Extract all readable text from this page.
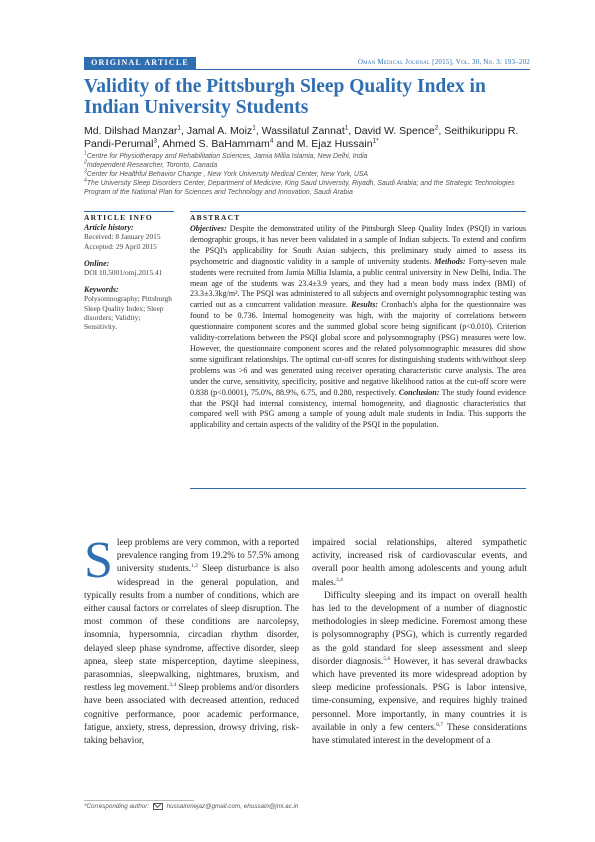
ORIGINAL ARTICLE	Oman Medical Journal [2015], Vol. 30, No. 3: 193–202
Validity of the Pittsburgh Sleep Quality Index in Indian University Students
Md. Dilshad Manzar$^1$, Jamal A. Moiz$^1$, Wassilatul Zannat$^1$, David W. Spence$^2$, Seithikurippu R. Pandi-Perumal$^3$, Ahmed S. BaHammam$^4$ and M. Ejaz Hussain$^{1*}$
$^1$Centre for Physiotherapy and Rehabilitation Sciences, Jamia Millia Islamia, New Delhi, India
$^2$Independent Researcher, Toronto, Canada
$^3$Center for Healthful Behavior Change , New York University Medical Center, New York, USA
$^4$The University Sleep Disorders Center, Department of Medicine, King Saud University, Riyadh, Saudi Arabia; and the Strategic Technologies Program of the National Plan for Sciences and Technology and Innovation, Saudi Arabia
ARTICLE INFO
Article history:
Received: 8 January 2015
Accepted: 29 April 2015
Online:
DOI 10.5001/omj.2015.41
Keywords:
Polysomnography; Pittsburgh Sleep Quality Index; Sleep disorders; Validity; Sensitivity.
ABSTRACT
Objectives: Despite the demonstrated utility of the Pittsburgh Sleep Quality Index (PSQI) in various demographic groups, it has never been validated in a sample of Indian subjects. To extend and confirm the PSQI's applicability for South Asian subjects, this preliminary study aimed to assess its psychometric and diagnostic validity in a sample of university students. Methods: Forty-seven male students were recruited from Jamia Millia Islamia, a public central university in New Delhi, India. The mean age of the students was 23.4±3.9 years, and they had a mean body mass index (BMI) of 23.3±3.3kg/m². The PSQI was administered to all subjects and overnight polysomnographic testing was carried out as a concurrent validation measure. Results: Cronbach's alpha for the questionnaire was found to be 0.736. Internal homogeneity was high, with the majority of correlations between questionnaire component scores and the summed global score being significant (p<0.010). Criterion validity-correlations between the PSQI global score and polysomnography (PSG) measures were low. However, the questionnaire component scores and the related polysomnographic measures did show some significant relationships. The optimal cut-off scores for distinguishing students with/without sleep problems was >6 and was generated using receiver operating characteristic curve analysis. The area under the curve, sensitivity, specificity, positive and negative likelihood ratios at the cut-off score were 0.838 (p<0.0001), 75.0%, 88.9%, 6.75, and 0.280, respectively. Conclusion: The study found evidence that the PSQI had internal consistency, internal homogeneity, and diagnostic characteristics that compared well with PSG among a sample of young adult male students in India. This supports the applicability and certain aspects of the validity of the PSQI in the population.

Sleep problems are very common, with a reported prevalence ranging from 19.2% to 57.5% among university students.$^{1,2}$ Sleep disturbance is also widespread in the general population, and typically results from a number of conditions, which are either causal factors or correlates of sleep disruption. The most common of these conditions are narcolepsy, insomnia, hypersomnia, circadian rhythm disorder, delayed sleep phase syndrome, affective disorder, sleep apnea, sleep state misperception, daytime sleepiness, parasomnias, sleepwalking, nightmares, bruxism, and restless leg movement.$^{3,4}$ Sleep problems and/or disorders have been associated with decreased attention, reduced cognitive performance, poor academic performance, fatigue, anxiety, stress, depression, drowsy driving, risk-taking behavior,

impaired social relationships, altered sympathetic activity, increased risk of cardiovascular events, and overall poor health among adolescents and young adult males.$^{3,4}$

Difficulty sleeping and its impact on overall health has led to the development of a number of diagnostic methodologies in sleep medicine. Foremost among these is polysomnography (PSG), which is currently regarded as the gold standard for sleep assessment and sleep disorder diagnosis.$^{5,6}$ However, it has several drawbacks which have prevented its more widespread adoption by sleep medicine professionals. PSG is labor intensive, time-consuming, expensive, and requires highly trained personnel. More importantly, in many countries it is available in only a few centers.$^{6,7}$ These considerations have stimulated interest in the development of a

*Corresponding author:	hussainmejaz@gmail.com, ehussain@jmi.ac.in
